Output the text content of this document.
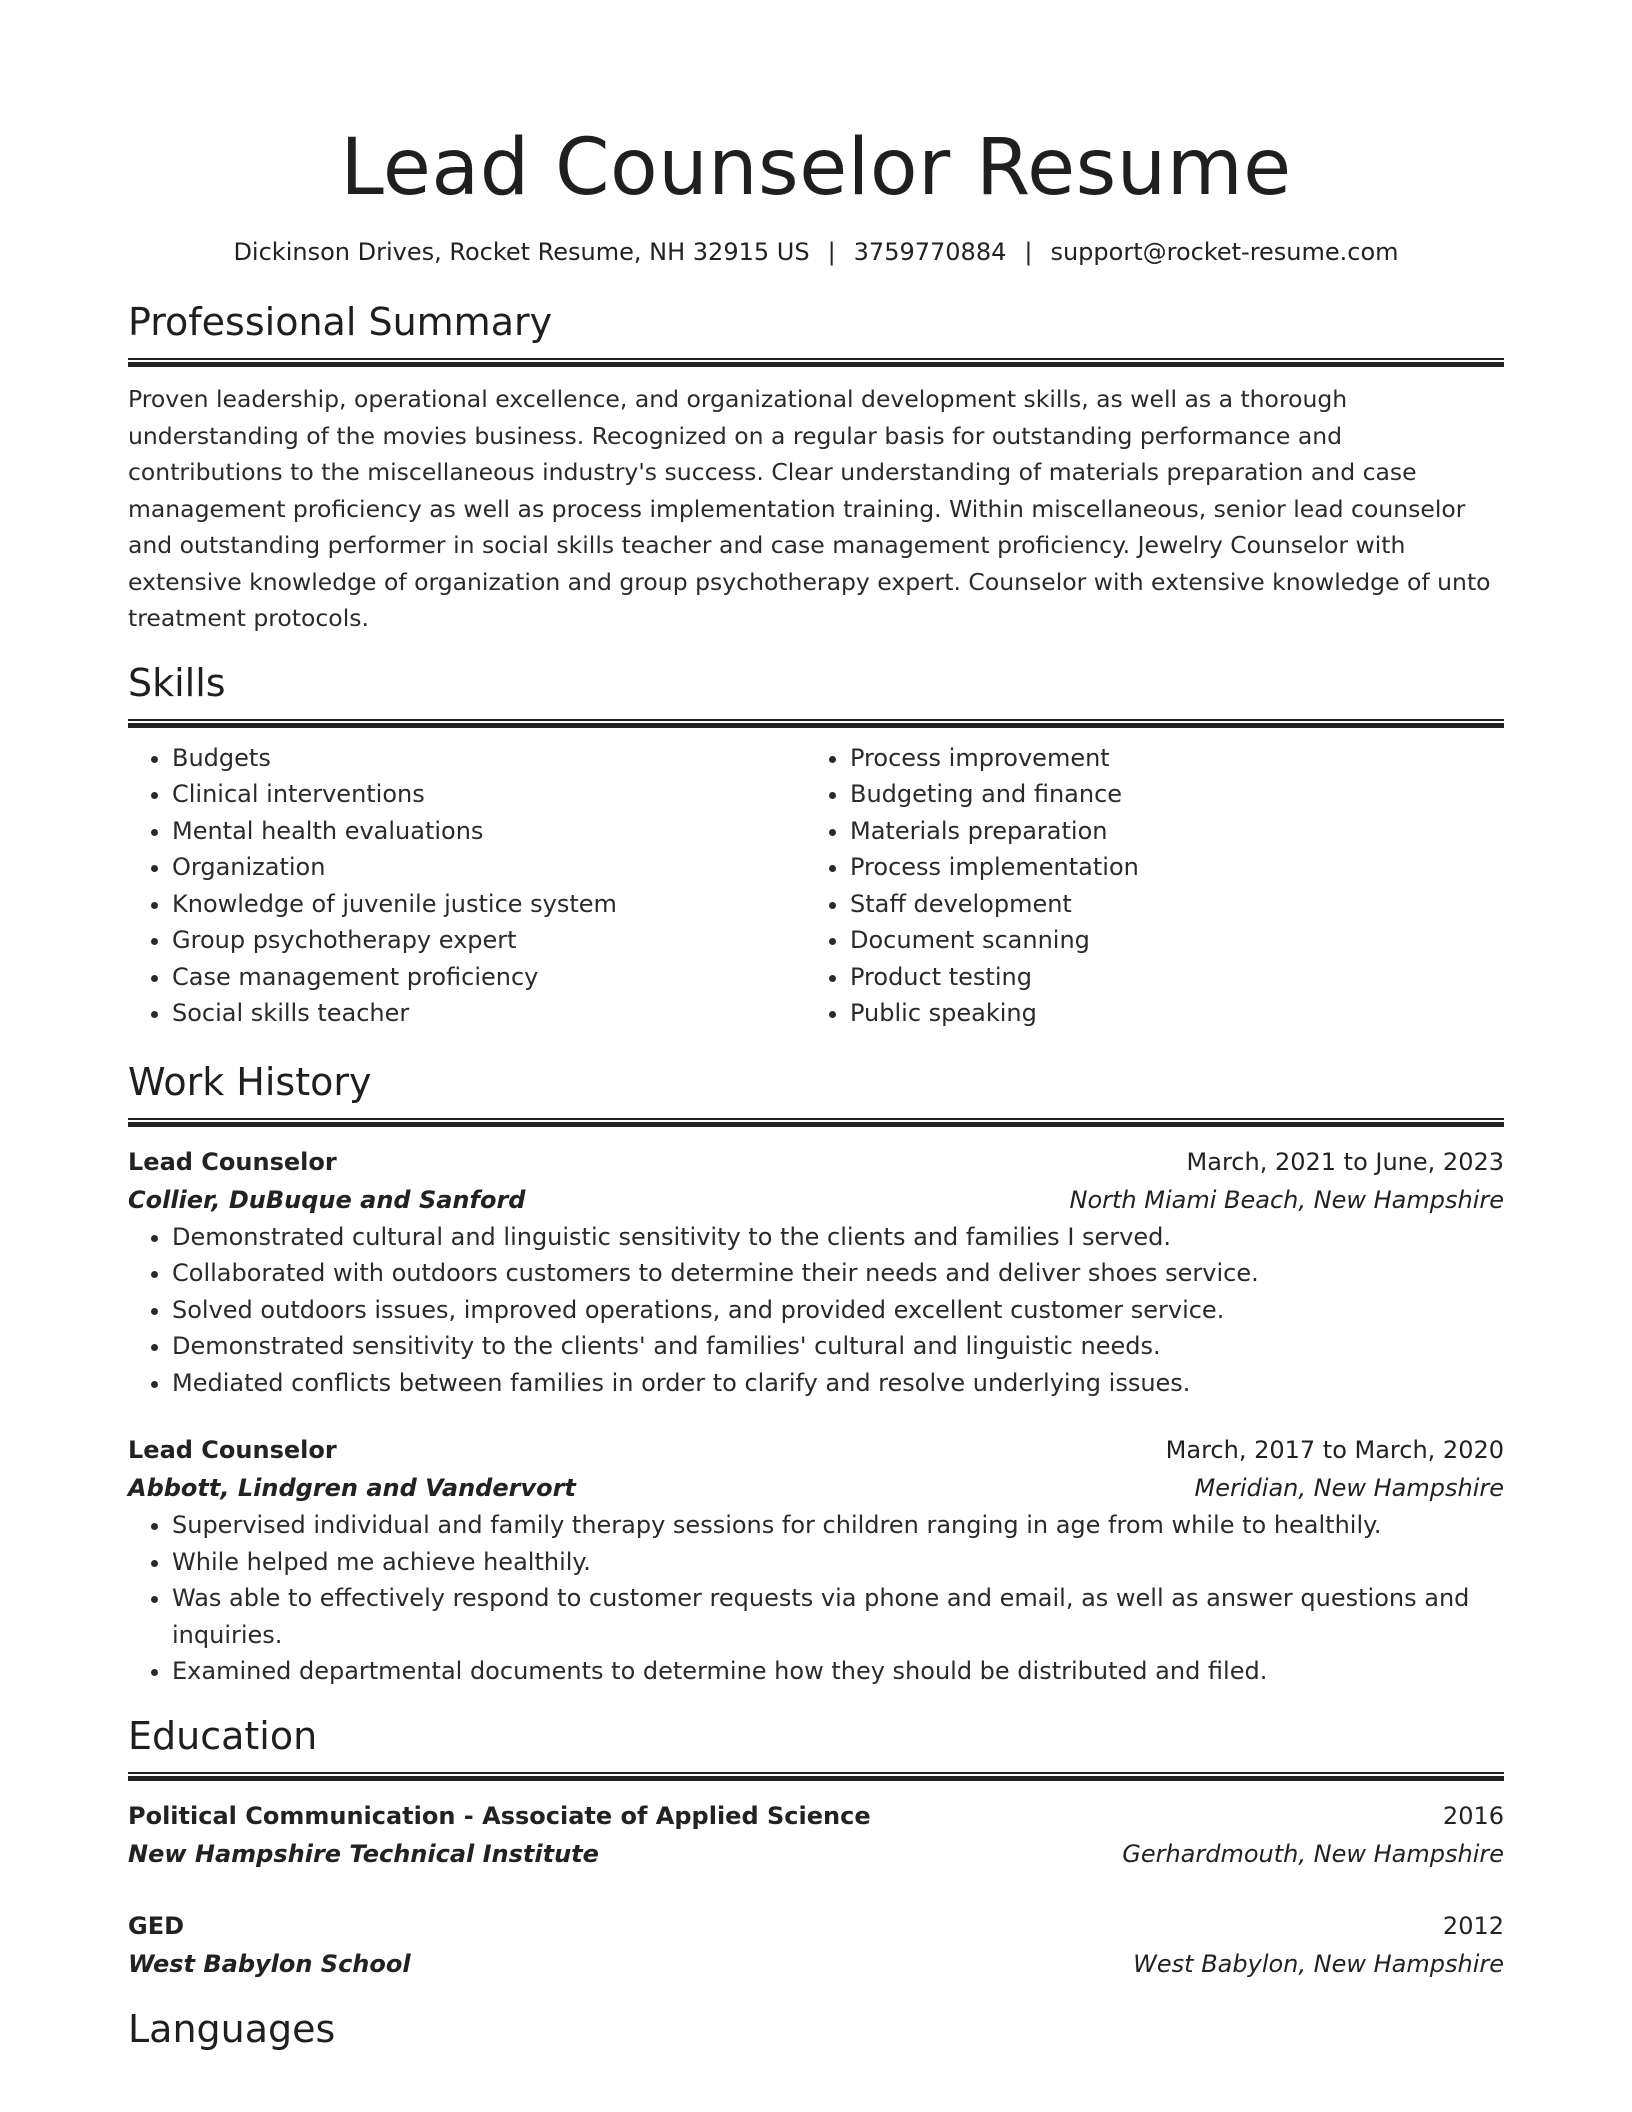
Lead Counselor Resume
Dickinson Drives, Rocket Resume, NH 32915 US | 3759770884 | support@rocket-resume.com
Professional Summary

Proven leadership, operational excellence, and organizational development skills, as well as a thorough understanding of the movies business. Recognized on a regular basis for outstanding performance and contributions to the miscellaneous industry's success. Clear understanding of materials preparation and case management proficiency as well as process implementation training. Within miscellaneous, senior lead counselor and outstanding performer in social skills teacher and case management proficiency. Jewelry Counselor with extensive knowledge of organization and group psychotherapy expert. Counselor with extensive knowledge of unto treatment protocols.

Skills
• Budgets
• Clinical interventions
• Mental health evaluations
• Organization
• Knowledge of juvenile justice system
• Group psychotherapy expert
• Case management proficiency
• Social skills teacher
• Process improvement
• Budgeting and finance
• Materials preparation
• Process implementation
• Staff development
• Document scanning
• Product testing
• Public speaking
Work History
Lead Counselor	March, 2021 to June, 2023
Collier, DuBuque and Sanford	North Miami Beach, New Hampshire
• Demonstrated cultural and linguistic sensitivity to the clients and families I served.
• Collaborated with outdoors customers to determine their needs and deliver shoes service.
• Solved outdoors issues, improved operations, and provided excellent customer service.
• Demonstrated sensitivity to the clients' and families' cultural and linguistic needs.
• Mediated conflicts between families in order to clarify and resolve underlying issues.
Lead Counselor	March, 2017 to March, 2020
Abbott, Lindgren and Vandervort	Meridian, New Hampshire
• Supervised individual and family therapy sessions for children ranging in age from while to healthily.
• While helped me achieve healthily.
• Was able to effectively respond to customer requests via phone and email, as well as answer questions and inquiries.
• Examined departmental documents to determine how they should be distributed and filed.
Education
Political Communication - Associate of Applied Science	2016
New Hampshire Technical Institute	Gerhardmouth, New Hampshire
GED	2012
West Babylon School	West Babylon, New Hampshire
Languages
